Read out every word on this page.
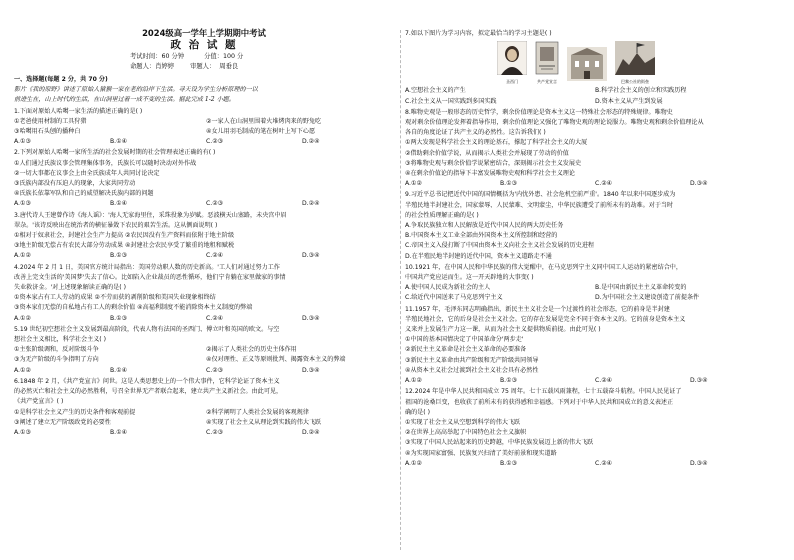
2024级高一学年上学期期中考试
政 治 试 题
考试时间：60 分钟          分值：100 分
命题人：肖婷婷        审题人：  周垂良
一、选择题(每题 2 分，共 70 分)
影片《我的原野》讲述了原始人猿猴一家在老的沿岸下生活。寻天设为学生分析原理的一以
前进生在，山上时代的生活，在山洞里过着一成不变的生活。据此完成 1-2 小题。
1.下面对原始人哈噶一家生活的描述正确的是( )
①老爸使用材制的工具狩猎	②一家人在山洞里围着火堆烤肉来的野兔吃
③哈噶用石头刨的播种白	④女儿用羽毛制成的笔在树叶上写下心愿
A.①③	B.①④	C.②③	D.②④
2.下列对原始人哈噶一家所生活的社会发展时期的社会管理表述正确的有( )
①人们通过氏族议事会管理集体事务，氏族长可以随时决动对外作战
②一切大事都在议事会上由全氏族成年人共同讨论决定
③氏族内部没有压迫人的现象，大家共同劳动
④氏族长依靠军队和自己的威望解决氏族内部的问题
A.①③	B.①④	C.②③	D.②④
3.唐代诗人王建曾作诗《海人谣》：'海人无家海里住，采珠役象为岁赋。恶波横天山塞路，未央宫中眉
翠杂。'该诗反映出在统治者的横征暴敛下农民的艰苦生活。这从侧面说明( )
①相对于奴隶社会，封建社会生产力提高 ②农民因没有生产资料而依附于地主阶级
③地主阶级无偿占有农民大部分劳动成果 ④封建社会农民享受了繁重的地租和赋税
A.①②	B.①③	C.②④	D.③④
4.2024 年 2 月 1 日，美国官方统计局指出：美国劳动职人数的历史新高。'工人们对通过努力工作
改善上完文生活的'美国梦'失去了信心。比如陷入企业裁员的恶性循环，他们宁肯躺在家里做家的事情
失业救济金。'对上述现象解读正确的是( )
①资本家占有工人劳动的成果 ②不劳而获的剥削阶级和美国失业现象相终结
③资本家们无偿的自私地占有工人的剩余价值 ④高福利制度不能消除资本主义制度的弊端
A.①②	B.①③	C.②④	D.③④
5.19 世纪初空想社会主义发展到最高阶段，代表人物有法国的圣西门、傅立叶和英国的欧文。与空
想社会主义相比，科学社会主义( )
①主张阶级调和，反对阶级斗争	②揭示了人类社会的历史主体作用
③为无产阶级的斗争指明了方向	④仅对理性、正义等原则批判、揭露资本主义的弊端
A.①②	B.①④	C.②③	D.③④
6.1848 年 2 月，《共产党宣言》问世。这是人类思想史上的一个伟大事件，它科学论证了资本主义
的必然灭亡和社会主义的必然胜利，号召全世界无产者联合起来，建立共产主义新社会。由此可见，
《共产党宣言》( )
①是科学社会主义产生的历史条件和客观前提	②科学阐明了人类社会发展的客观规律
③阐述了建立无产阶级政党的必要性	④实现了社会主义从理论到实践的伟大飞跃
A.①③	B.①④	C.②③	D.②④
7.如以下图片为学习内容，拟定最恰当的学习主题是( )
圣西门	共产党宣言	巴黎公社的街垒
A.空想社会主义的产生	B.科学社会主义的创立和实践历程
C.社会主义从一国实践到多国实践	D.资本主义从产生到发展
8.唯物史观是一般形态的历史哲学，剩余价值理论是资本主义这一特殊社会形态的特殊规律。唯物史
观对剩余价值理论发挥着指导作用，剩余价值理论又强化了唯物史观的理论说服力。唯物史观和剩余价值理论从
各自的角度论证了共产主义的必然性。这告诉我们( )
①两大发现是科学社会主义的理论基石，撑起了科学社会主义的大厦
②借助剩余价值学说，从而揭示人类社会并展现了劳动的价值
③将唯物史观与剩余价值学说紧密结合，深刻揭示社会主义发展史
④在剩余价值论的指导下丰富发展唯物史观和科学社会主义理论
A.①②	B.①③	C.②④	D.③④
9.习近平总书记把近代中国的国情概括为'内忧外患、社会危机空前严重'。1840 年以来中国逐步成为
半殖民地半封建社会，国家蒙辱、人民蒙难、文明蒙尘，中华民族遭受了前所未有的劫难。对于当时
的社会性质理解正确的是( )
A.争取民族独立和人民解放是近代中国人民的两大历史任务
B.中国资本主义工业全部由外国资本主义所控制和经营的
C.帝国主义入侵打断了中国由资本主义向社会主义社会发展的历史进程
D.在半殖民地半封建的近代中国，资本主义道路走不通
10.1921 年，在中国人民和中华民族的伟大觉醒中，在马克思列宁主义同中国工人运动的紧密结合中，
中国共产党应运而生。这一开天辟地的大事变( )
A.使中国人民成为新社会的主人	B.是中国由新民主主义革命转变的
C.给近代中国送来了马克思列宁主义	D.为中国社会主义建设创造了前提条件
11.1957 年，毛泽东同志明确指出，新民主主义社会是一个过渡性的社会形态，它的前身是半封建
半殖民地社会，它的后身是社会主义社会。它的存在发展是完全不同于资本主义的。它的前身是资本主义
义来并上发展生产力这一课，从而为社会主义提供物质前提。由此可见( )
①中国的基本国情决定了中国革命分'两步走'
②新民主主义革命是社会主义革命的必要准备
③新民主主义革命由共产阶级和无产阶级共同领导
④从资本主义社会过渡到社会主义社会具有必然性
A.①②	B.①③	C.②④	D.③④
12.2024 年是中华人民共和国成立 75 周年。七十五载风雨兼程，七十五载奋斗航程。中国人民见证了
祖国的沧桑巨变，也收获了前所未有的获得感和幸福感。下列对于中华人民共和国成立的意义表述正
确的是( )
①实现了社会主义从空想到科学的伟大飞跃
②在世界上高高举起了中国特色社会主义旗帜
③实现了中国人民站起来的历史跨越，中华民族发展迈上新的伟大飞跃
④为实现国家富强、民族复兴扫清了美好前景和现实道路
A.①②	B.①③	C.②④	D.③④
